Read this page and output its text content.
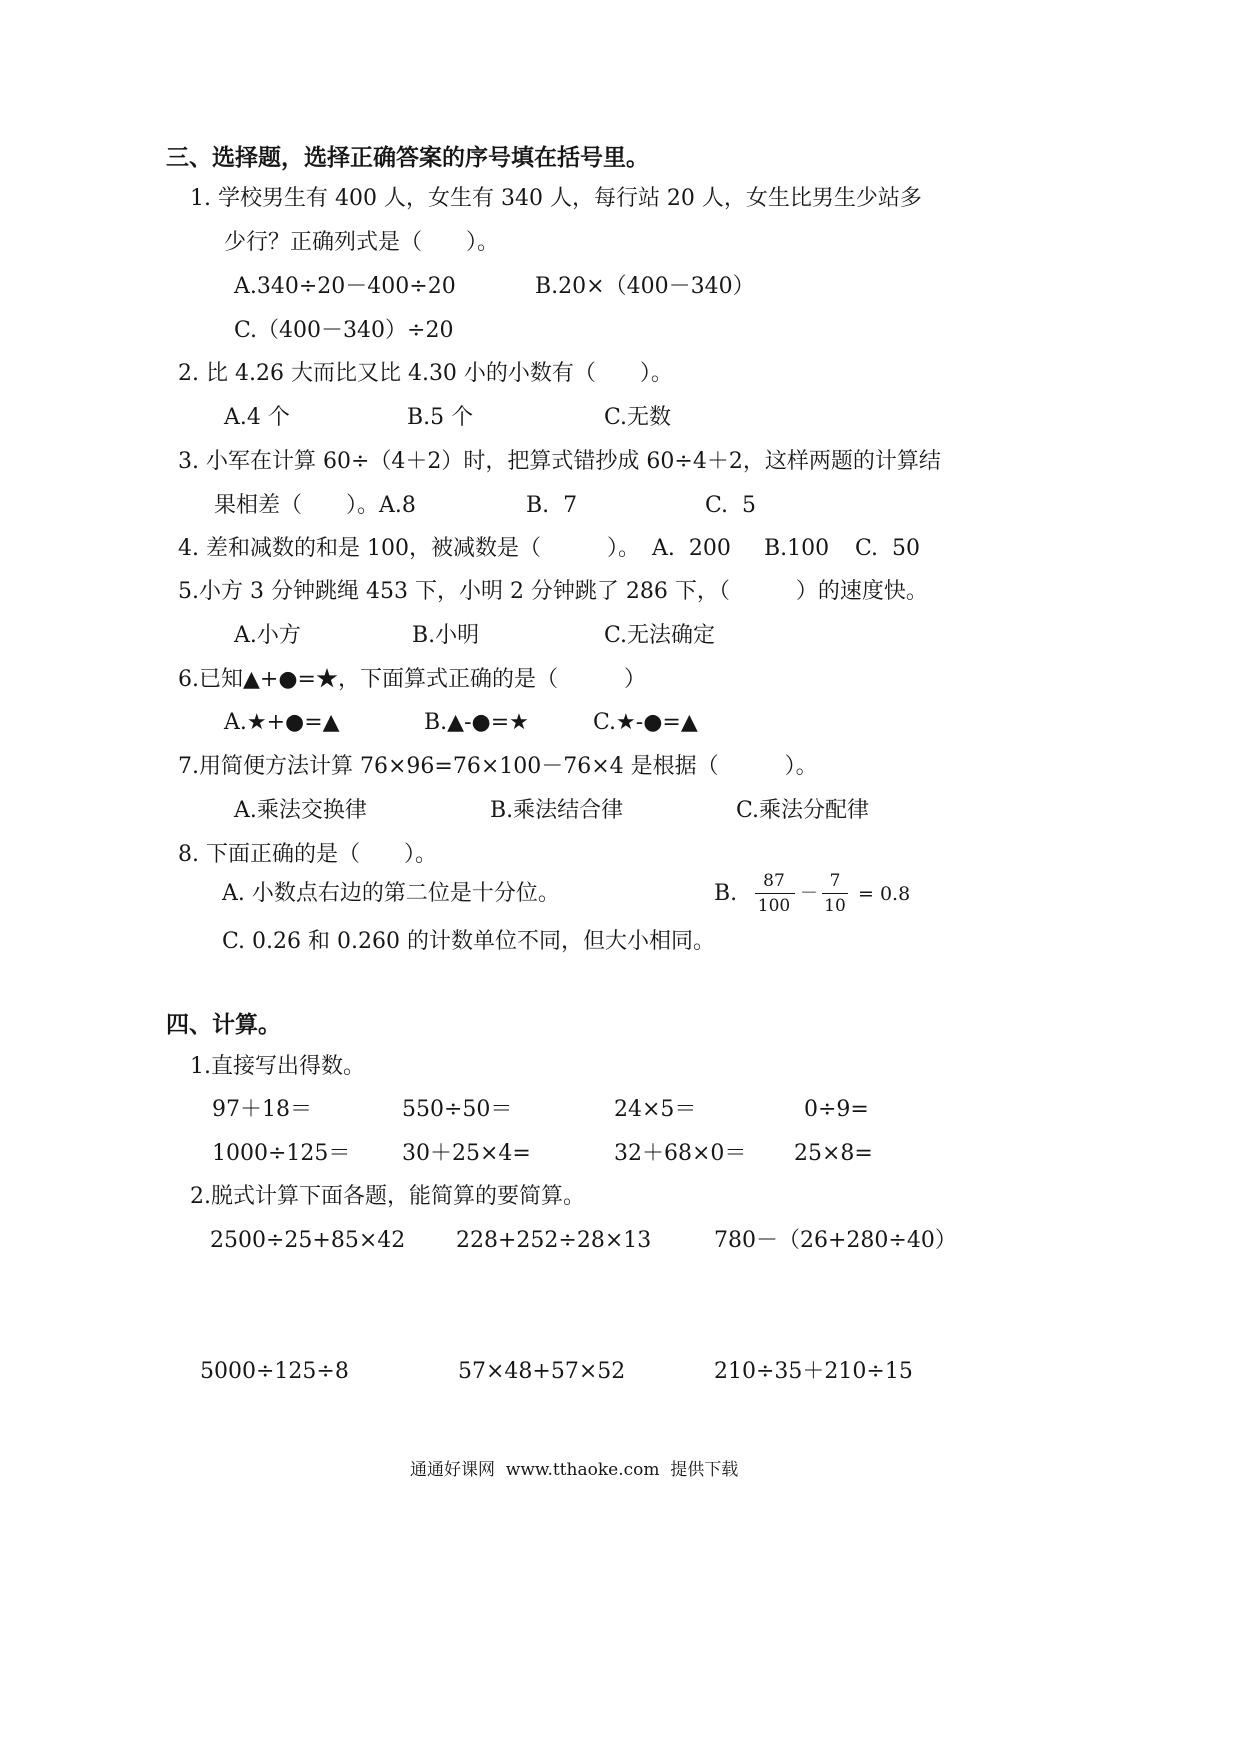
三、选择题，选择正确答案的序号填在括号里。
1. 学校男生有 400 人，女生有 340 人，每行站 20 人，女生比男生少站多
少行？正确列式是（　　）。
A.340÷20－400÷20	B.20×（400－340）
C.（400－340）÷20
2. 比 4.26 大而比又比 4.30 小的小数有（　　）。
A.4 个	B.5 个	C.无数
3. 小军在计算 60÷（4＋2）时，把算式错抄成 60÷4＋2，这样两题的计算结
果相差（　　）。A.8	B.  7	C.  5
4. 差和减数的和是 100，被减数是（　　　）。 A.  200 B.100 C.  50
5.小方 3 分钟跳绳 453 下，小明 2 分钟跳了 286 下，（　　　）的速度快。
A.小方	B.小明	C.无法确定
6.已知▲+●=★，下面算式正确的是（　　　）
A.★+●=▲	B.▲-●=★	C.★-●=▲
7.用简便方法计算 76×96=76×100－76×4 是根据（　　　）。
A.乘法交换律	B.乘法结合律	C.乘法分配律
8. 下面正确的是（　　）。
A. 小数点右边的第二位是十分位。	B.	87
100
－
7
10
= 0.8
C. 0.26 和 0.260 的计数单位不同，但大小相同。
四、计算。
1.直接写出得数。
97＋18＝	550÷50＝	24×5＝	0÷9=
1000÷125＝ 30＋25×4=	32＋68×0＝ 25×8=
2.脱式计算下面各题，能简算的要简算。
2500÷25+85×42 228+252÷28×13	780－（26+280÷40）
5000÷125÷8	57×48+57×52	210÷35＋210÷15
通通好课网  www.tthaoke.com  提供下载
